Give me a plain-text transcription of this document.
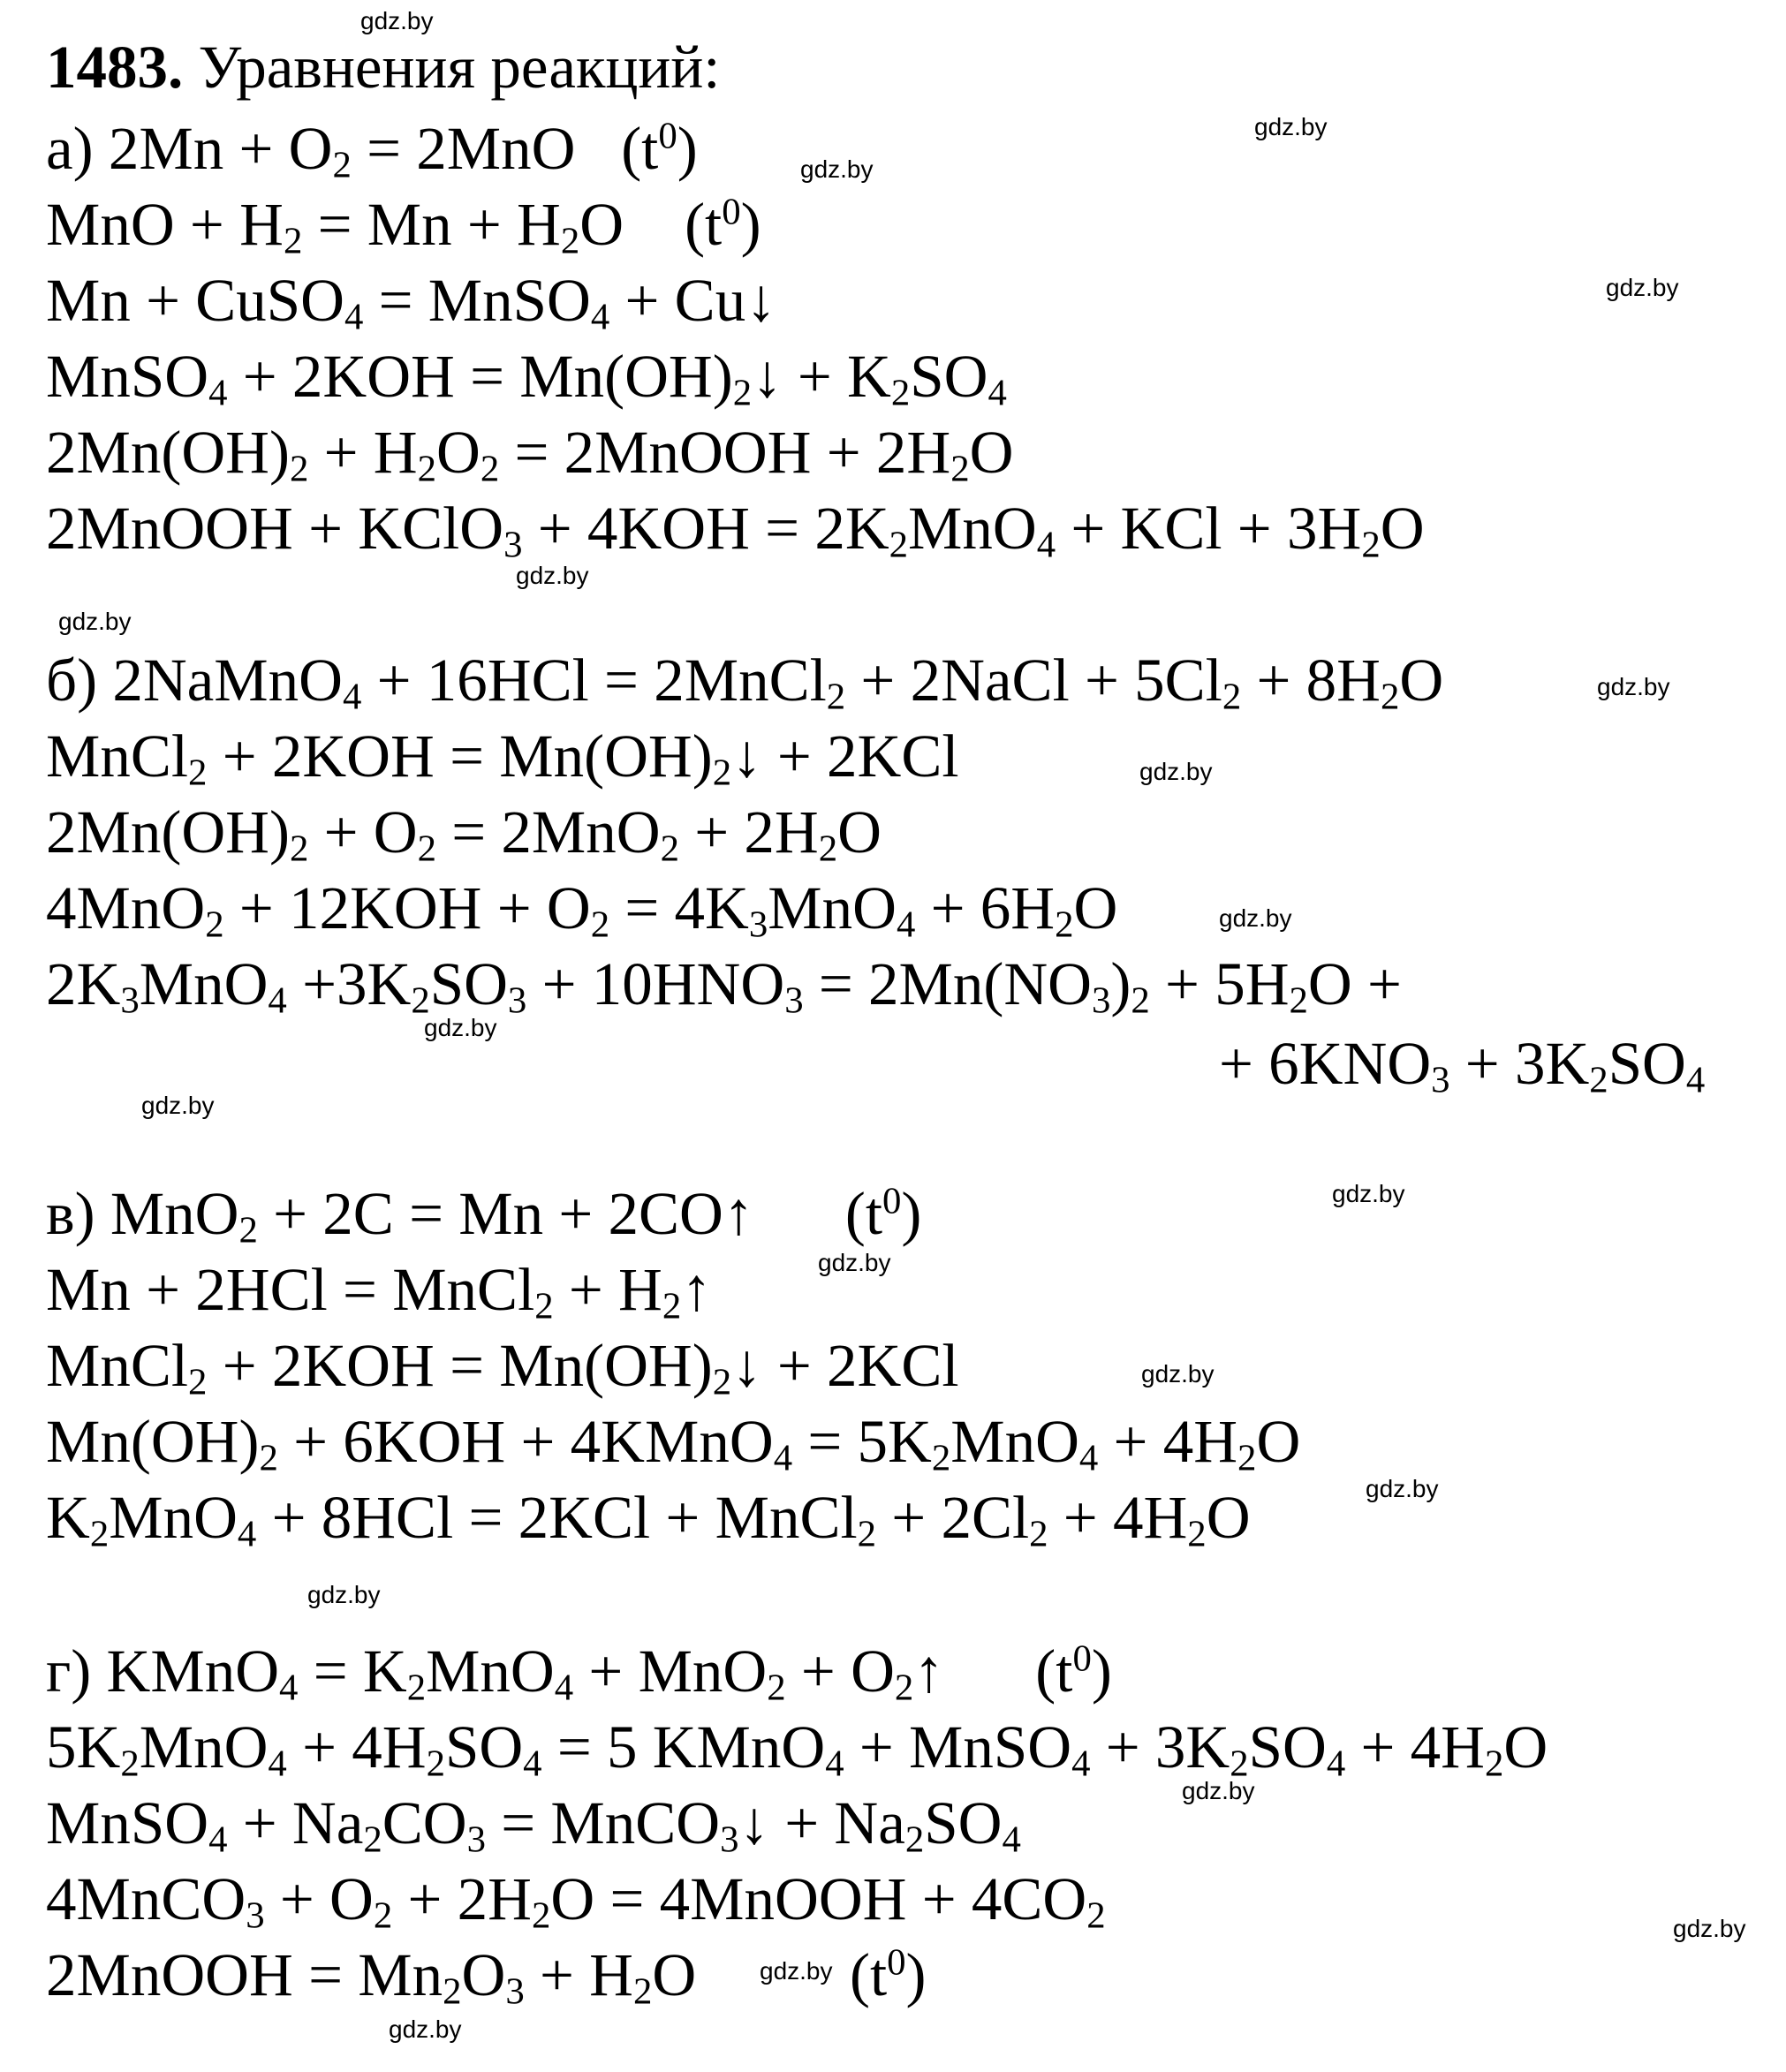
1483. Уравнения реакций:
а) $2Mn + O_2 = 2MnO$   $(t^0)$
MnO + $H_2 = Mn + H_2O$    $(t^0)$
Mn + CuSO$_4$ = MnSO$_4$ + Cu↓
MnSO$_4$ + $2KOH = Mn(OH)_2↓ + K_2SO_4$
$2Mn(OH)_2 + H_2O_2$ = 2MnOOH + $2H_2O$
2MnOOH + KClO$_3$ + $4KOH = 2K_2MnO_4$ + KCl + $3H_2O$
б) 2NaMnO$_4$ + 16HCl = 2MnCl$_2$ + 2NaCl + $5Cl_2 + 8H_2O$
MnCl$_2$ + $2KOH = Mn(OH)_2↓ + 2KCl$
$2Mn(OH)_2 + O_2 = 2MnO_2 + 2H_2O$
$4MnO_2 + 12KOH + O_2 = 4K_3MnO_4 + 6H_2O$
$2K_3MnO_4 +3K_2SO_3 + 10HNO_3 = 2Mn(NO_3)_2 + 5H_2O$ +
+ $6KNO_3 + 3K_2SO_4$
в) MnO$_2$ + 2C = Mn + 2CO↑      $(t^0)$
Mn + 2HCl = MnCl$_2$ + $H_2↑$
MnCl$_2$ + $2KOH = Mn(OH)_2↓ + 2KCl$
$Mn(OH)_2 + 6KOH$ + 4KMnO$_4$ = $5K_2MnO_4 + 4H_2O$
$K_2MnO_4 + 8HCl = 2KCl$ + MnCl$_2$ + $2Cl_2 + 4H_2O$
г) KMnO$_4$ = $K_2MnO_4 + MnO_2$ + $O_2↑$      $(t^0)$
$5K_2MnO_4 + 4H_2SO_4 = 5$ KMnO$_4$ + MnSO$_4$ + $3K_2SO_4 + 4H_2O$
MnSO$_4$ + $Na_2CO_3$ = MnCO$_3$↓ + $Na_2SO_4$
4MnCO$_3$ + $O_2 + 2H_2O$ = 4MnOOH + $4CO_2$
2MnOOH = $Mn_2O_3 + H_2O$	$(t^0)$
gdz.by
gdz.by
gdz.by
gdz.by
gdz.by
gdz.by
gdz.by
gdz.by
gdz.by
gdz.by
gdz.by
gdz.by
gdz.by
gdz.by
gdz.by
gdz.by
gdz.by
gdz.by
gdz.by
gdz.by
